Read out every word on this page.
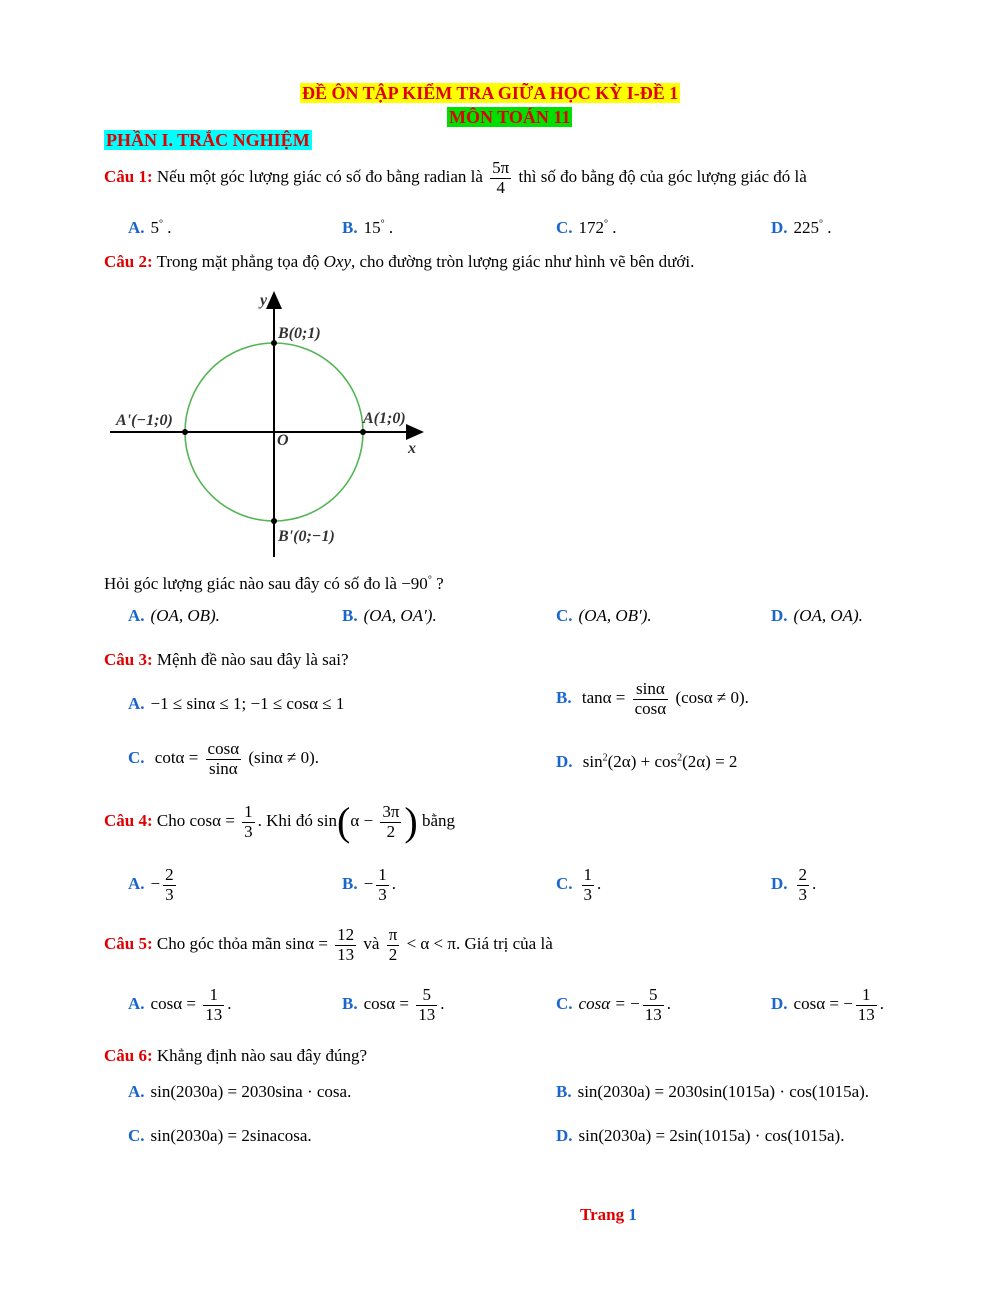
ĐỀ ÔN TẬP KIỂM TRA GIỮA HỌC KỲ I-ĐỀ 1
MÔN TOÁN 11
PHẦN I. TRẮC NGHIỆM
Câu 1: Nếu một góc lượng giác có số đo bằng radian là $\frac{5\pi}{4}$ thì số đo bằng độ của góc lượng giác đó là
A. 5° .	B. 15° .	C. 172° .	D. 225° .
Câu 2: Trong mặt phẳng tọa độ Oxy, cho đường tròn lượng giác như hình vẽ bên dưới.
y
x
O
B(0;1)
A(1;0)
A'(−1;0)
B'(0;−1)
Hỏi góc lượng giác nào sau đây có số đo là −90° ?
A. (OA, OB).	B. (OA, OA′).	C. (OA, OB′).	D. (OA, OA).
Câu 3: Mệnh đề nào sau đây là sai?
A. −1 ≤ sinα ≤ 1; −1 ≤ cosα ≤ 1	B. $\tan\alpha = \frac{\sin\alpha}{\cos\alpha} (\cos\alpha \ne 0)$.
C. $\cot\alpha = \frac{\cos\alpha}{\sin\alpha} (\sin\alpha \ne 0)$.	D. $\sin^2(2\alpha) + \cos^2(2\alpha) = 2$
Câu 4: Cho $\cos\alpha = \frac{1}{3}$ . Khi đó $\sin(\alpha - \frac{3\pi}{2}$ ) bằng
A. − $\frac{2}{3}$	B. − $\frac{1}{3}$ .	C. $\frac{1}{3}$ .	D. $\frac{2}{3}$ .
Câu 5: Cho góc thỏa mãn $\sin\alpha = \frac{12}{13}$ và $\frac{\pi}{2} < \alpha < \pi$. Giá trị của là
A. $\cos\alpha = \frac{1}{13}$ .	B. $\cos\alpha = \frac{5}{13}$ .	C. cosα = − $\frac{5}{13}$ .	D. cosα = − $\frac{1}{13}$ .
Câu 6: Khẳng định nào sau đây đúng?
A. sin(2030a) = 2030sina · cosa.	B. sin(2030a) = 2030sin(1015a) · cos(1015a).
C. sin(2030a) = 2sinacosa.	D. sin(2030a) = 2sin(1015a) · cos(1015a).
Trang 1
